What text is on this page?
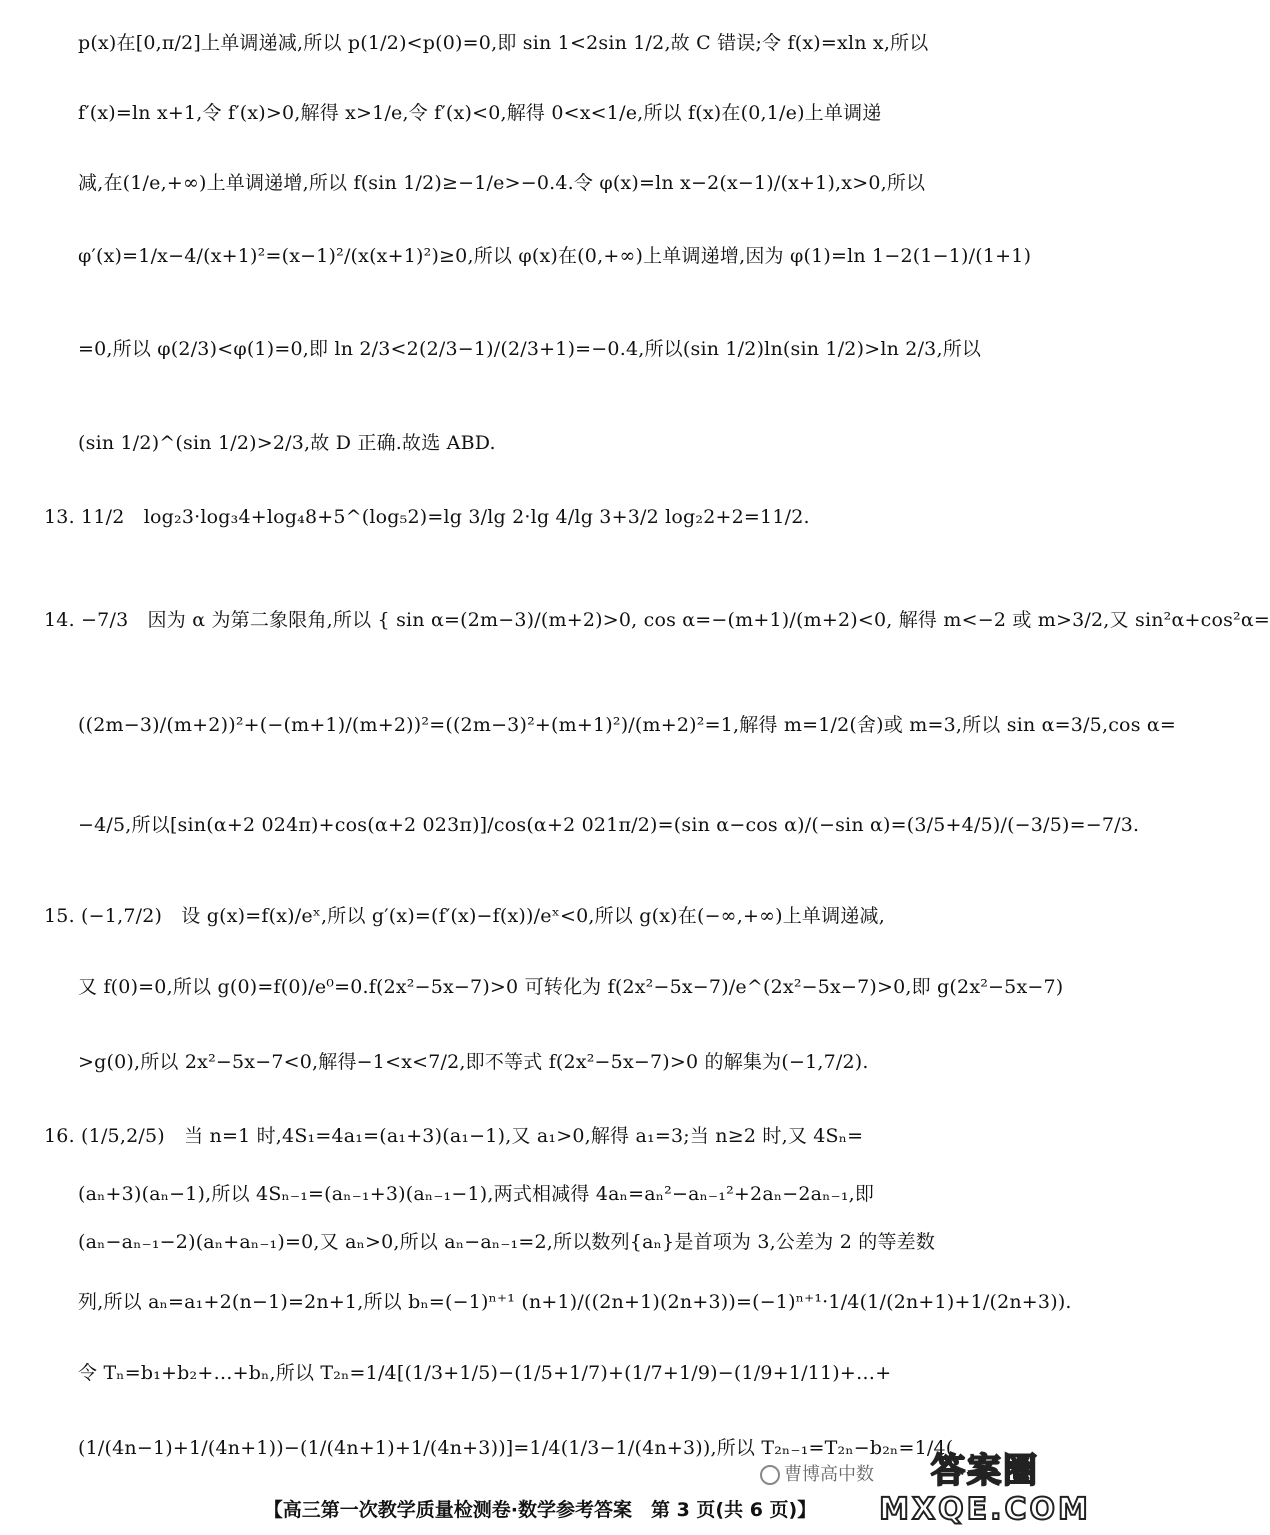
p(x)在[0,π/2]上单调递减,所以 p(1/2)<p(0)=0,即 sin 1<2sin 1/2,故 C 错误;令 f(x)=xln x,所以
f′(x)=ln x+1,令 f′(x)>0,解得 x>1/e,令 f′(x)<0,解得 0<x<1/e,所以 f(x)在(0,1/e)上单调递
减,在(1/e,+∞)上单调递增,所以 f(sin 1/2)≥−1/e>−0.4.令 φ(x)=ln x−2(x−1)/(x+1),x>0,所以
φ′(x)=1/x−4/(x+1)²=(x−1)²/(x(x+1)²)≥0,所以 φ(x)在(0,+∞)上单调递增,因为 φ(1)=ln 1−2(1−1)/(1+1)
=0,所以 φ(2/3)<φ(1)=0,即 ln 2/3<2(2/3−1)/(2/3+1)=−0.4,所以(sin 1/2)ln(sin 1/2)>ln 2/3,所以
(sin 1/2)^(sin 1/2)>2/3,故 D 正确.故选 ABD.
13. 11/2　log₂3·log₃4+log₄8+5^(log₅2)=lg 3/lg 2·lg 4/lg 3+3/2 log₂2+2=11/2.
14. −7/3　因为 α 为第二象限角,所以 { sin α=(2m−3)/(m+2)>0, cos α=−(m+1)/(m+2)<0, 解得 m<−2 或 m>3/2,又 sin²α+cos²α=
((2m−3)/(m+2))²+(−(m+1)/(m+2))²=((2m−3)²+(m+1)²)/(m+2)²=1,解得 m=1/2(舍)或 m=3,所以 sin α=3/5,cos α=
−4/5,所以[sin(α+2 024π)+cos(α+2 023π)]/cos(α+2 021π/2)=(sin α−cos α)/(−sin α)=(3/5+4/5)/(−3/5)=−7/3.
15. (−1,7/2)　设 g(x)=f(x)/eˣ,所以 g′(x)=(f′(x)−f(x))/eˣ<0,所以 g(x)在(−∞,+∞)上单调递减,
又 f(0)=0,所以 g(0)=f(0)/e⁰=0.f(2x²−5x−7)>0 可转化为 f(2x²−5x−7)/e^(2x²−5x−7)>0,即 g(2x²−5x−7)
>g(0),所以 2x²−5x−7<0,解得−1<x<7/2,即不等式 f(2x²−5x−7)>0 的解集为(−1,7/2).
16. (1/5,2/5)　当 n=1 时,4S₁=4a₁=(a₁+3)(a₁−1),又 a₁>0,解得 a₁=3;当 n≥2 时,又 4Sₙ=
(aₙ+3)(aₙ−1),所以 4Sₙ₋₁=(aₙ₋₁+3)(aₙ₋₁−1),两式相减得 4aₙ=aₙ²−aₙ₋₁²+2aₙ−2aₙ₋₁,即
(aₙ−aₙ₋₁−2)(aₙ+aₙ₋₁)=0,又 aₙ>0,所以 aₙ−aₙ₋₁=2,所以数列{aₙ}是首项为 3,公差为 2 的等差数
列,所以 aₙ=a₁+2(n−1)=2n+1,所以 bₙ=(−1)ⁿ⁺¹ (n+1)/((2n+1)(2n+3))=(−1)ⁿ⁺¹·1/4(1/(2n+1)+1/(2n+3)).
令 Tₙ=b₁+b₂+…+bₙ,所以 T₂ₙ=1/4[(1/3+1/5)−(1/5+1/7)+(1/7+1/9)−(1/9+1/11)+…+
(1/(4n−1)+1/(4n+1))−(1/(4n+1)+1/(4n+3))]=1/4(1/3−1/(4n+3)),所以 T₂ₙ₋₁=T₂ₙ−b₂ₙ=1/4(
曹博高中数 答案圈
MXQE.COM
【高三第一次教学质量检测卷·数学参考答案　第 3 页(共 6 页)】
